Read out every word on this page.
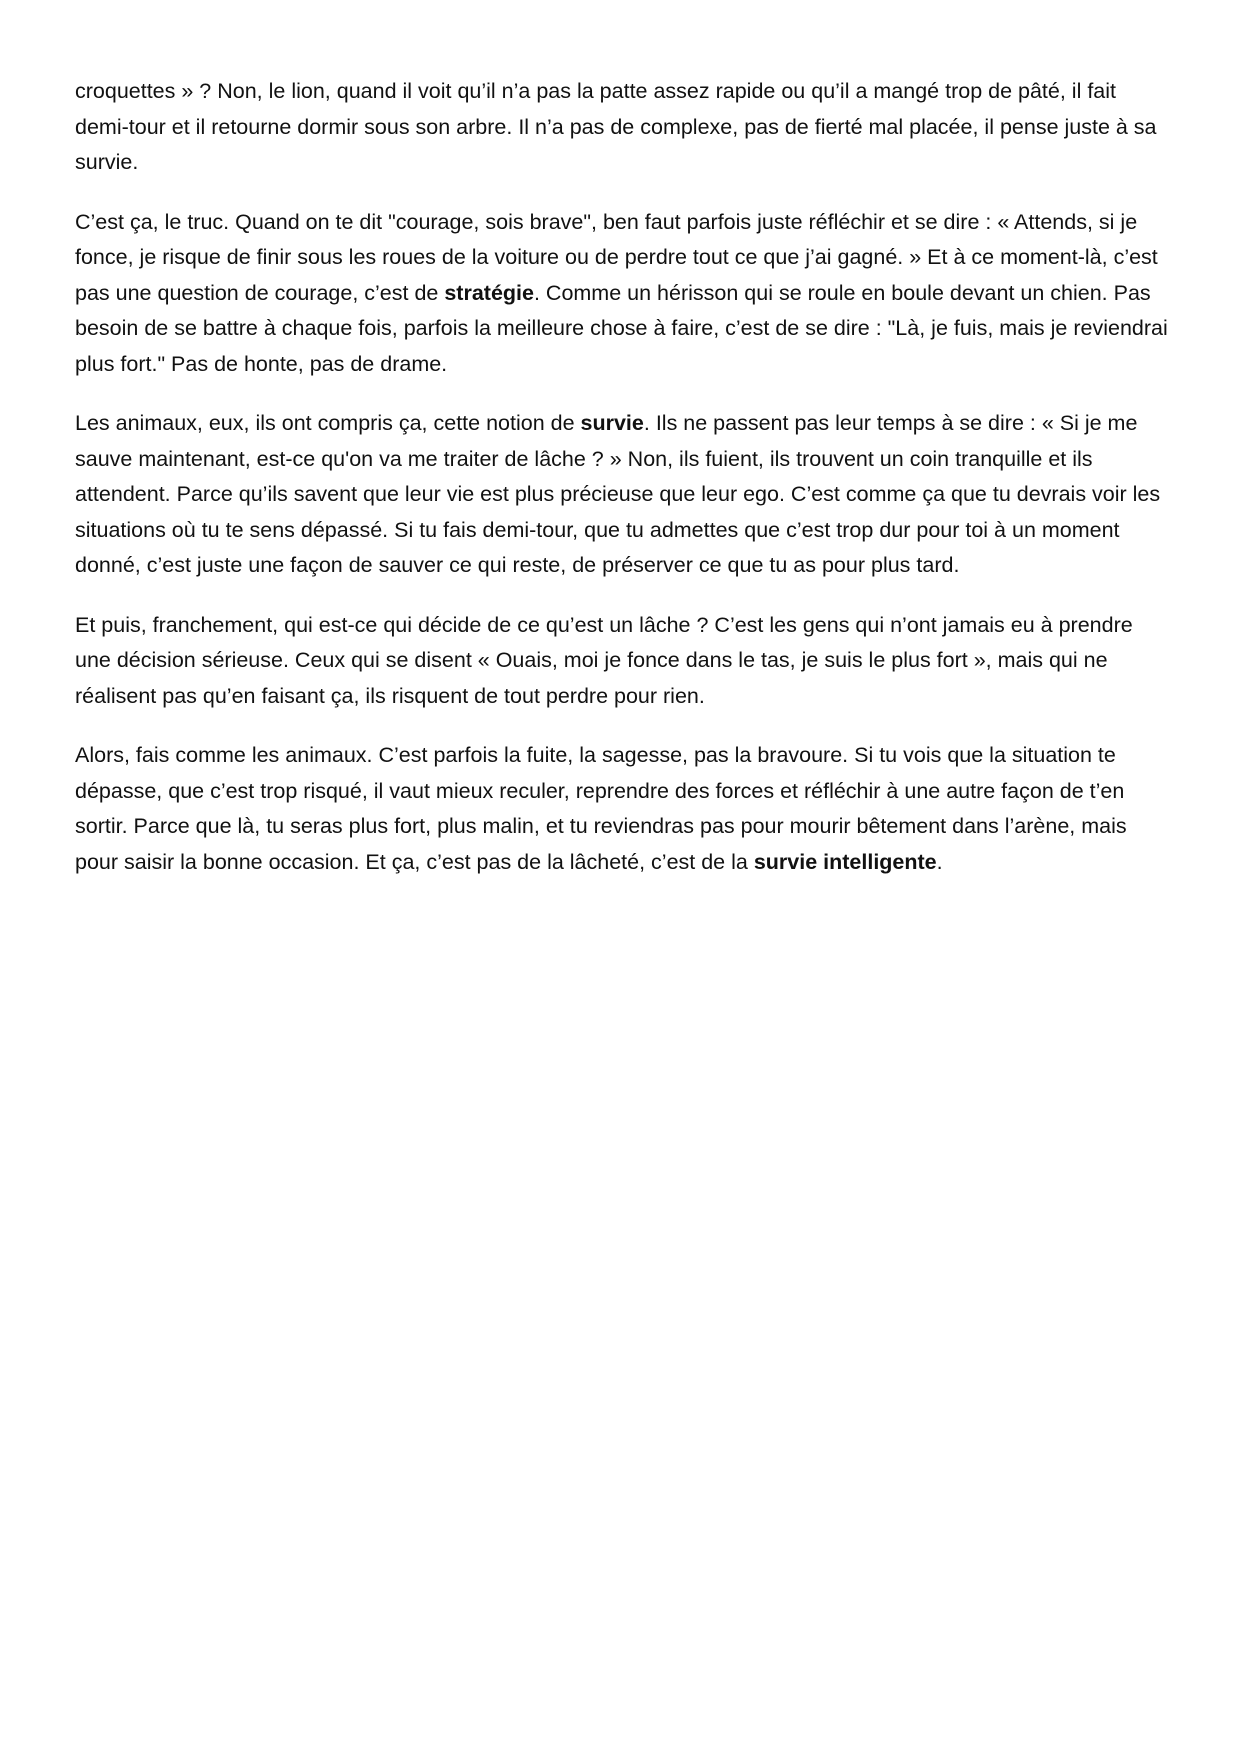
croquettes » ? Non, le lion, quand il voit qu’il n’a pas la patte assez rapide ou qu’il a mangé trop de pâté, il fait demi-tour et il retourne dormir sous son arbre. Il n’a pas de complexe, pas de fierté mal placée, il pense juste à sa survie.

C’est ça, le truc. Quand on te dit "courage, sois brave", ben faut parfois juste réfléchir et se dire : « Attends, si je fonce, je risque de finir sous les roues de la voiture ou de perdre tout ce que j’ai gagné. » Et à ce moment-là, c’est pas une question de courage, c’est de stratégie. Comme un hérisson qui se roule en boule devant un chien. Pas besoin de se battre à chaque fois, parfois la meilleure chose à faire, c’est de se dire : "Là, je fuis, mais je reviendrai plus fort." Pas de honte, pas de drame.

Les animaux, eux, ils ont compris ça, cette notion de survie. Ils ne passent pas leur temps à se dire : « Si je me sauve maintenant, est-ce qu'on va me traiter de lâche ? » Non, ils fuient, ils trouvent un coin tranquille et ils attendent. Parce qu’ils savent que leur vie est plus précieuse que leur ego. C’est comme ça que tu devrais voir les situations où tu te sens dépassé. Si tu fais demi-tour, que tu admettes que c’est trop dur pour toi à un moment donné, c’est juste une façon de sauver ce qui reste, de préserver ce que tu as pour plus tard.

Et puis, franchement, qui est-ce qui décide de ce qu’est un lâche ? C’est les gens qui n’ont jamais eu à prendre une décision sérieuse. Ceux qui se disent « Ouais, moi je fonce dans le tas, je suis le plus fort », mais qui ne réalisent pas qu’en faisant ça, ils risquent de tout perdre pour rien.

Alors, fais comme les animaux. C’est parfois la fuite, la sagesse, pas la bravoure. Si tu vois que la situation te dépasse, que c’est trop risqué, il vaut mieux reculer, reprendre des forces et réfléchir à une autre façon de t’en sortir. Parce que là, tu seras plus fort, plus malin, et tu reviendras pas pour mourir bêtement dans l’arène, mais pour saisir la bonne occasion. Et ça, c’est pas de la lâcheté, c’est de la survie intelligente.
